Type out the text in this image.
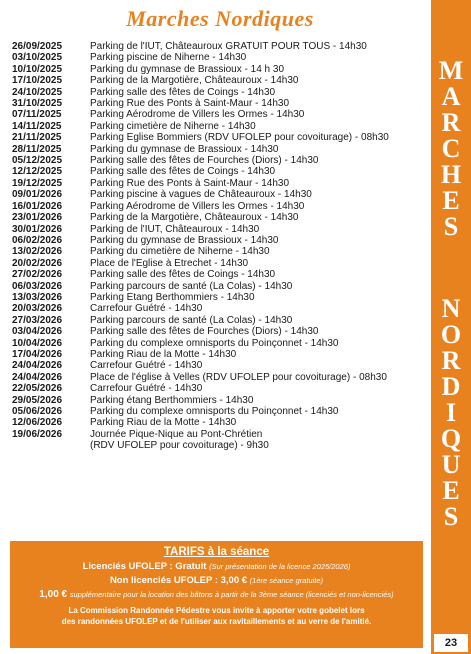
Marches Nordiques
26/09/2025	Parking de l'IUT, Châteauroux GRATUIT POUR TOUS - 14h30
03/10/2025	Parking piscine de Niherne - 14h30
10/10/2025	Parking du gymnase de Brassioux - 14 h 30
17/10/2025	Parking de la Margotière, Châteauroux - 14h30
24/10/2025	Parking salle des fêtes de Coings - 14h30
31/10/2025	Parking Rue des Ponts à Saint-Maur - 14h30
07/11/2025	Parking Aérodrome de Villers les Ormes - 14h30
14/11/2025	Parking cimetière de Niherne - 14h30
21/11/2025	Parking Eglise Bommiers (RDV UFOLEP pour covoiturage) - 08h30
28/11/2025	Parking du gymnase de Brassioux - 14h30
05/12/2025	Parking salle des fêtes de Fourches (Diors) - 14h30
12/12/2025	Parking salle des fêtes de Coings - 14h30
19/12/2025	Parking Rue des Ponts à Saint-Maur - 14h30
09/01/2026	Parking piscine à vagues de Châteauroux - 14h30
16/01/2026	Parking Aérodrome de Villers les Ormes - 14h30
23/01/2026	Parking de la Margotière, Châteauroux - 14h30
30/01/2026	Parking de l'IUT, Châteauroux - 14h30
06/02/2026	Parking du gymnase de Brassioux - 14h30
13/02/2026	Parking du cimetière de Niherne - 14h30
20/02/2026	Place de l'Eglise à Etrechet - 14h30
27/02/2026	Parking salle des fêtes de Coings - 14h30
06/03/2026	Parking parcours de santé (La Colas) - 14h30
13/03/2026	Parking Etang Berthommiers - 14h30
20/03/2026	Carrefour Guétré - 14h30
27/03/2026	Parking parcours de santé (La Colas) - 14h30
03/04/2026	Parking salle des fêtes de Fourches (Diors) - 14h30
10/04/2026	Parking du complexe omnisports du Poinçonnet - 14h30
17/04/2026	Parking Riau de la Motte - 14h30
24/04/2026	Carrefour Guétré - 14h30
24/04/2026	Place de l'église à Velles (RDV UFOLEP pour covoiturage) - 08h30
22/05/2026	Carrefour Guétré - 14h30
29/05/2026	Parking étang Berthommiers - 14h30
05/06/2026	Parking du complexe omnisports du Poinçonnet - 14h30
12/06/2026	Parking Riau de la Motte - 14h30
19/06/2026	Journée Pique-Nique au Pont-Chrétien
(RDV UFOLEP pour covoiturage) - 9h30
TARIFS à la séance
Licenciés UFOLEP : Gratuit (Sur présentation de la licence 2025/2026)
Non licenciés UFOLEP : 3,00 € (1ère séance gratuite)
1,00 € supplémentaire pour la location des bâtons à partir de la 3ème séance (licenciés et non-licenciés)
La Commission Randonnée Pédestre vous invite à apporter votre gobelet lors
des randonnées UFOLEP et de l'utiliser aux ravitaillements et au verre de l'amitié.
M
A
R
C
H
E
S
N
O
R
D
I
Q
U
E
S
23
